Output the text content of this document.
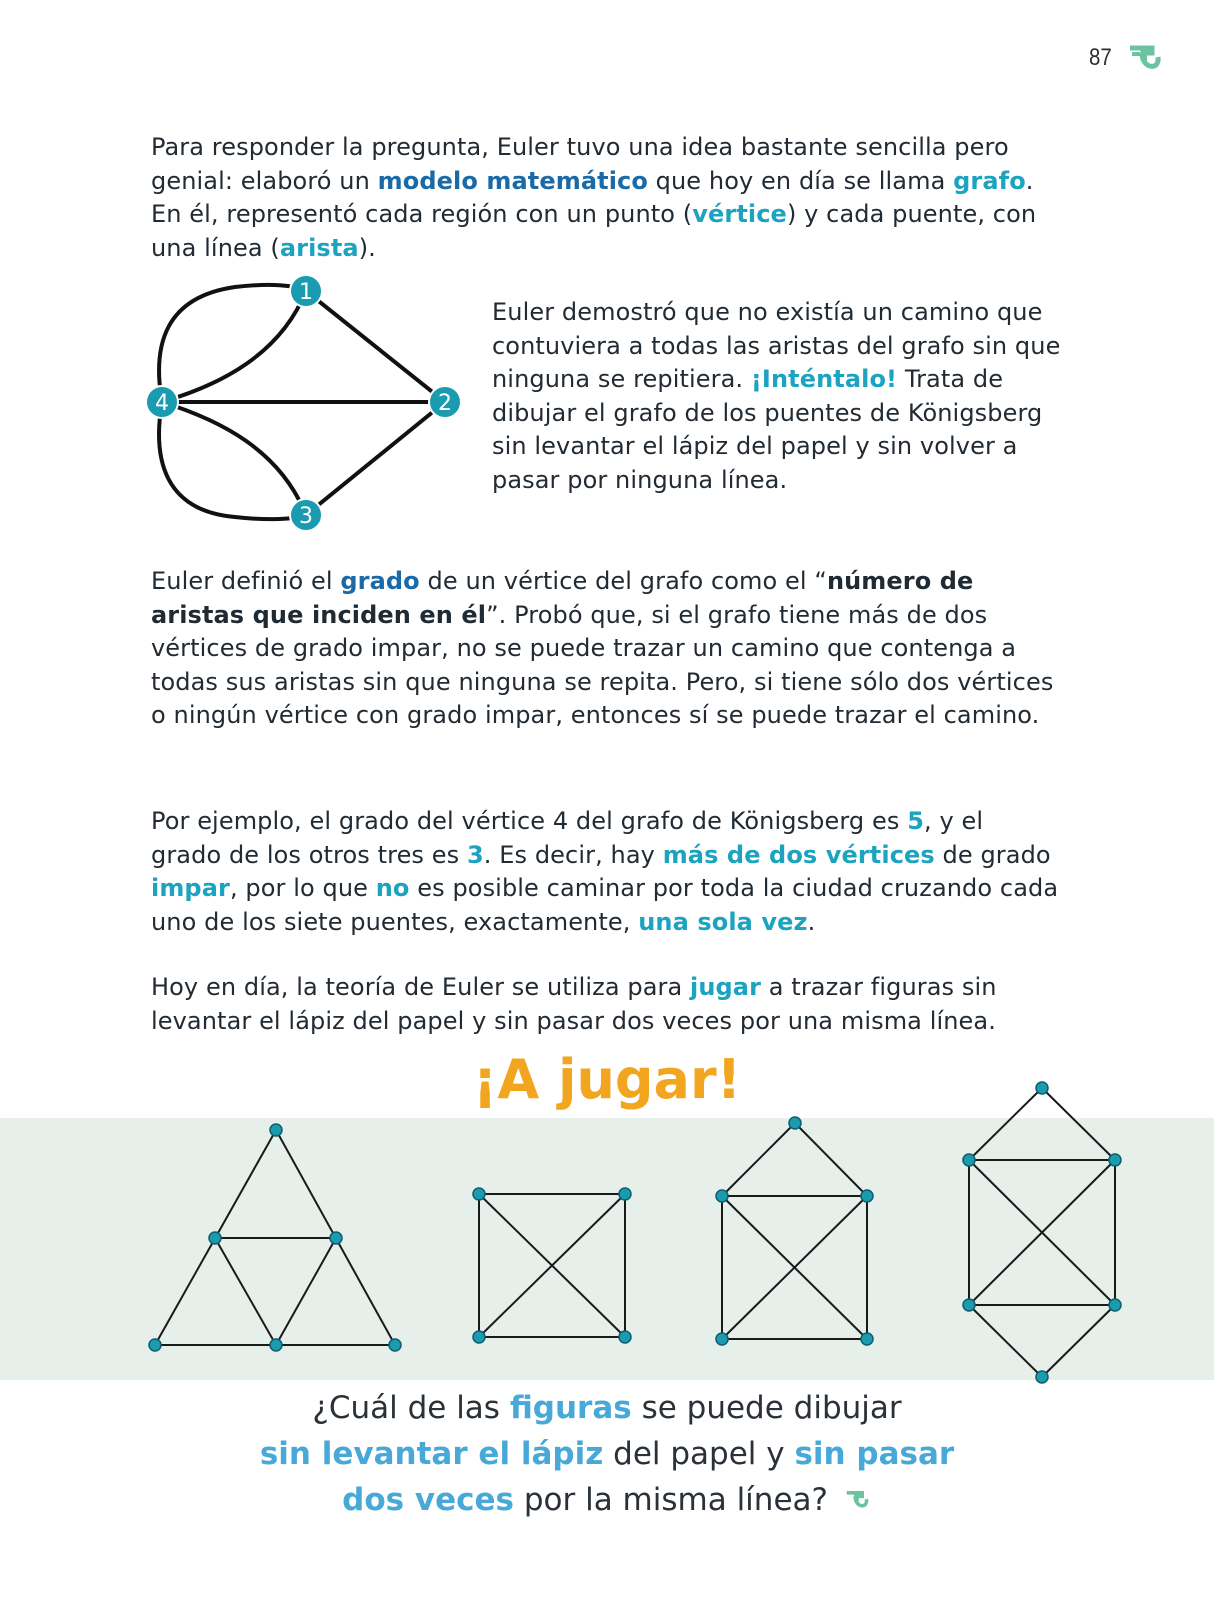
87

Para responder la pregunta, Euler tuvo una idea bastante sencilla pero genial: elaboró un modelo matemático que hoy en día se llama grafo. En él, representó cada región con un punto (vértice) y cada puente, con una línea (arista).

1
2
3
4

Euler demostró que no existía un camino que contuviera a todas las aristas del grafo sin que ninguna se repitiera. ¡Inténtalo! Trata de dibujar el grafo de los puentes de Königsberg sin levantar el lápiz del papel y sin volver a pasar por ninguna línea.

Euler definió el grado de un vértice del grafo como el “número de aristas que inciden en él”. Probó que, si el grafo tiene más de dos vértices de grado impar, no se puede trazar un camino que contenga a todas sus aristas sin que ninguna se repita. Pero, si tiene sólo dos vértices o ningún vértice con grado impar, entonces sí se puede trazar el camino.

Por ejemplo, el grado del vértice 4 del grafo de Königsberg es 5, y el grado de los otros tres es 3. Es decir, hay más de dos vértices de grado impar, por lo que no es posible caminar por toda la ciudad cruzando cada uno de los siete puentes, exactamente, una sola vez.

Hoy en día, la teoría de Euler se utiliza para jugar a trazar figuras sin levantar el lápiz del papel y sin pasar dos veces por una misma línea.

¡A jugar!

¿Cuál de las figuras se puede dibujar
sin levantar el lápiz del papel y sin pasar
dos veces por la misma línea?
